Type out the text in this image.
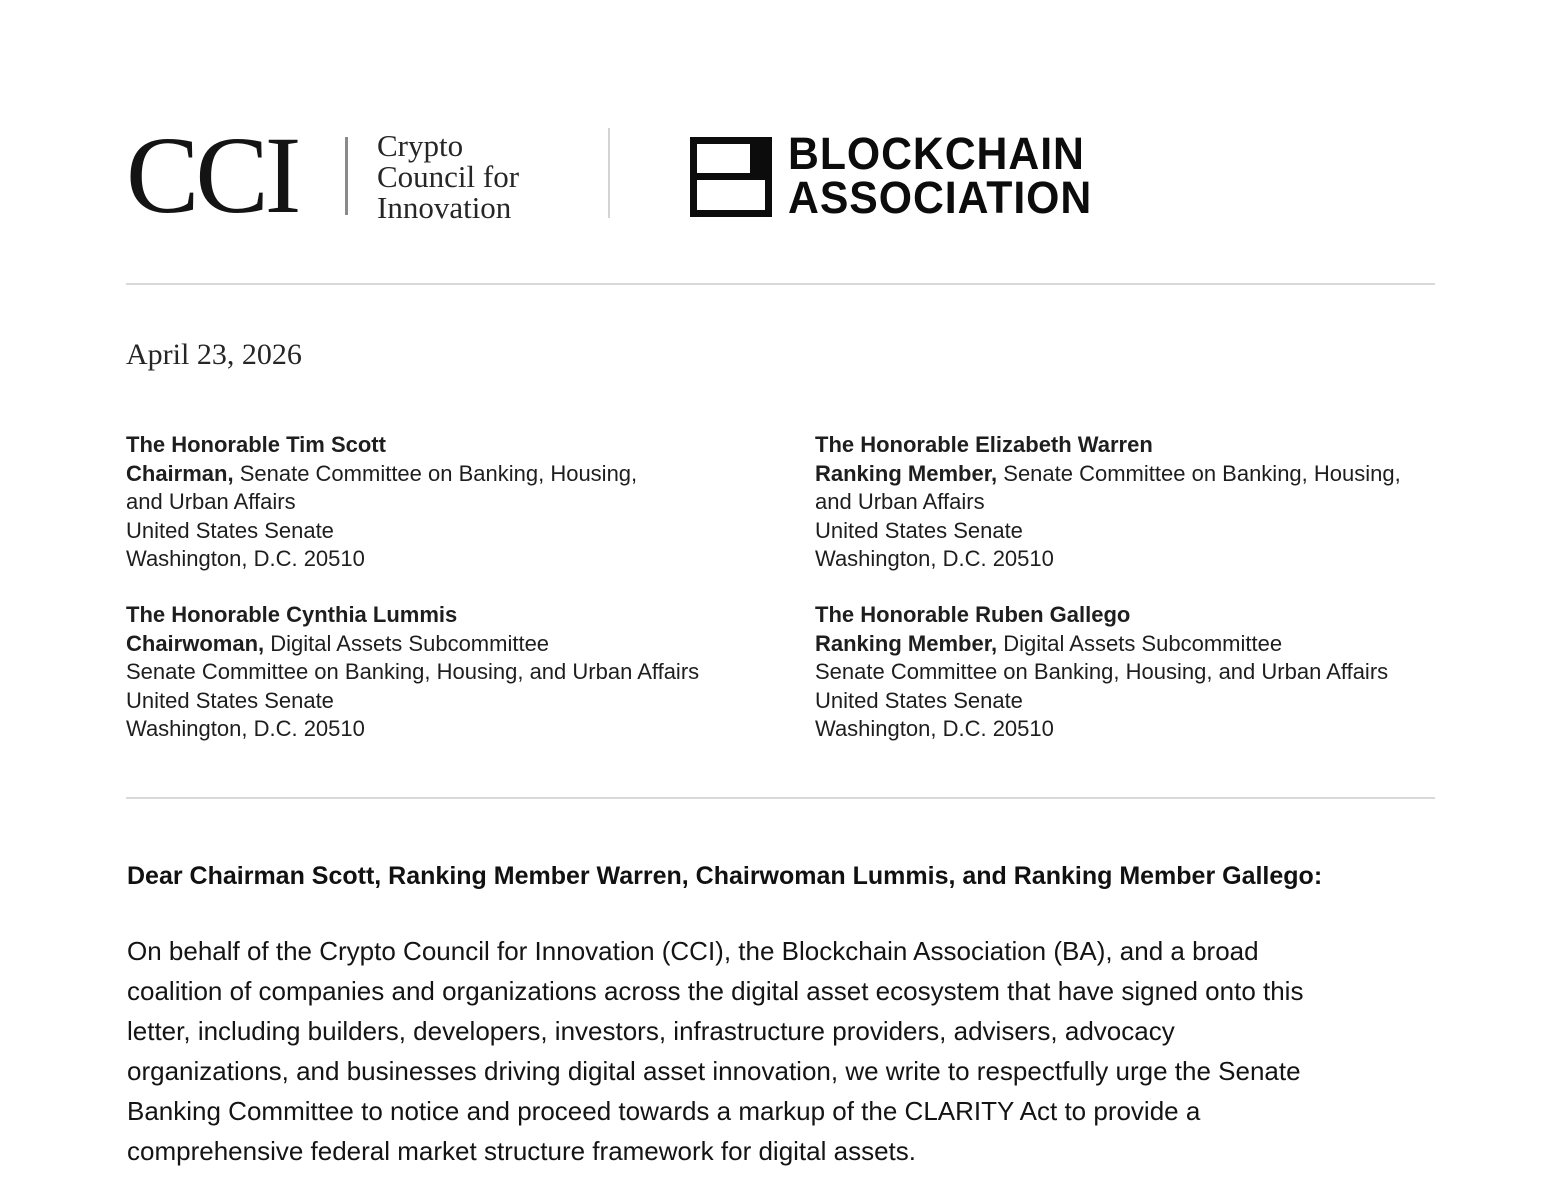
CCI	Crypto
Council for
Innovation
BLOCKCHAIN
ASSOCIATION
April 23, 2026
The Honorable Tim Scott
Chairman, Senate Committee on Banking, Housing,
and Urban Affairs
United States Senate
Washington, D.C. 20510
The Honorable Elizabeth Warren
Ranking Member, Senate Committee on Banking, Housing,
and Urban Affairs
United States Senate
Washington, D.C. 20510
The Honorable Cynthia Lummis
Chairwoman, Digital Assets Subcommittee
Senate Committee on Banking, Housing, and Urban Affairs
United States Senate
Washington, D.C. 20510
The Honorable Ruben Gallego
Ranking Member, Digital Assets Subcommittee
Senate Committee on Banking, Housing, and Urban Affairs
United States Senate
Washington, D.C. 20510
Dear Chairman Scott, Ranking Member Warren, Chairwoman Lummis, and Ranking Member Gallego:
On behalf of the Crypto Council for Innovation (CCI), the Blockchain Association (BA), and a broad
coalition of companies and organizations across the digital asset ecosystem that have signed onto this
letter, including builders, developers, investors, infrastructure providers, advisers, advocacy
organizations, and businesses driving digital asset innovation, we write to respectfully urge the Senate
Banking Committee to notice and proceed towards a markup of the CLARITY Act to provide a
comprehensive federal market structure framework for digital assets.
